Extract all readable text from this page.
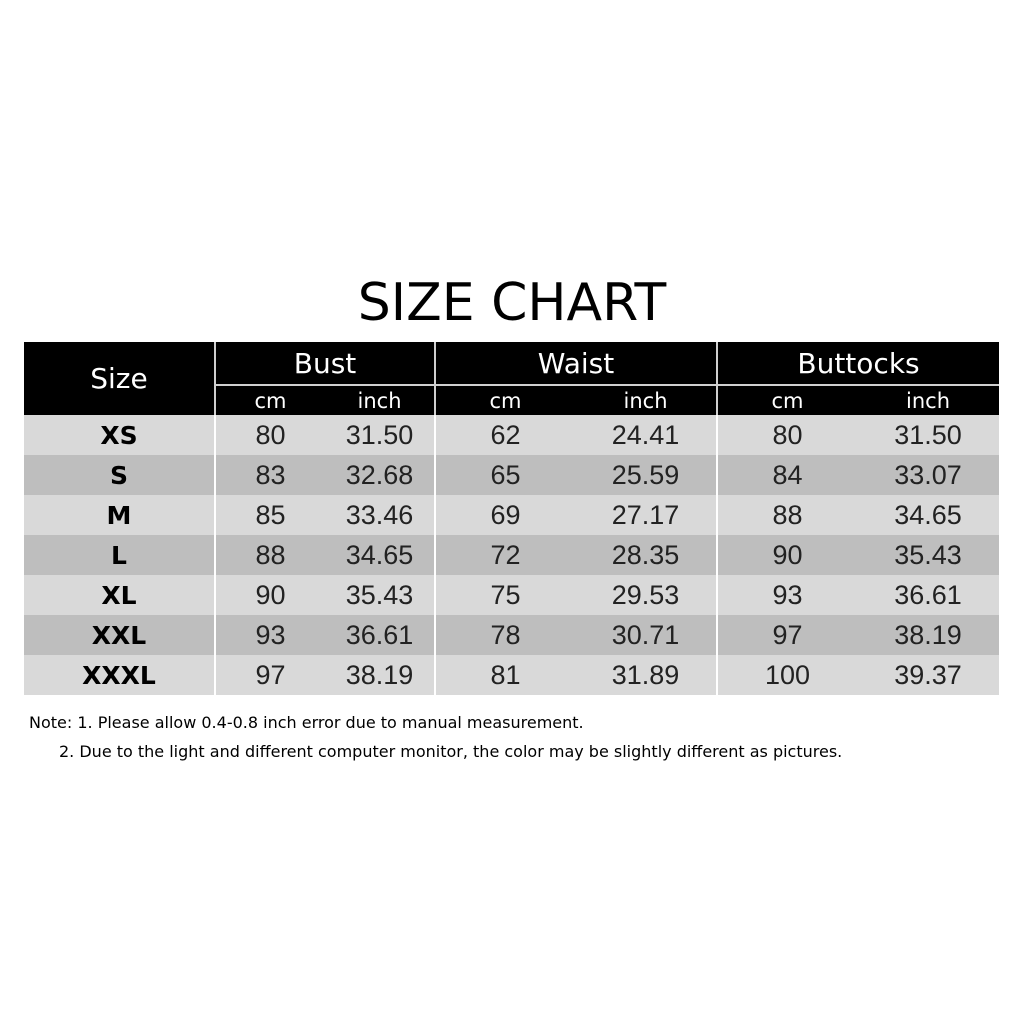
SIZE CHART
Size	Bust		Waist		Buttocks	
	cm	inch	cm	inch	cm	inch
XS	80	31.50	62	24.41	80	31.50
S	83	32.68	65	25.59	84	33.07
M	85	33.46	69	27.17	88	34.65
L	88	34.65	72	28.35	90	35.43
XL	90	35.43	75	29.53	93	36.61
XXL	93	36.61	78	30.71	97	38.19
XXXL	97	38.19	81	31.89	100	39.37
Note: 1. Please allow 0.4-0.8 inch error due to manual measurement.
2. Due to the light and different computer monitor, the color may be slightly different as pictures.
